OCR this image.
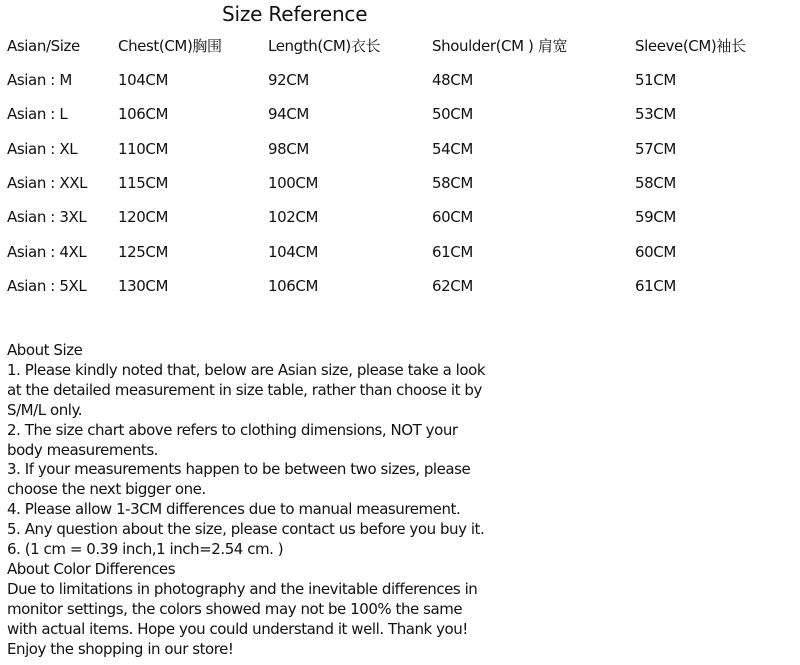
Size Reference
Asian/Size	Chest(CM)胸围	Length(CM)衣长	Shoulder(CM ) 肩宽	Sleeve(CM)袖长
Asian : M	104CM	92CM	48CM	51CM
Asian : L	106CM	94CM	50CM	53CM
Asian : XL	110CM	98CM	54CM	57CM
Asian : XXL 115CM	100CM	58CM	58CM
Asian : 3XL 120CM	102CM	60CM	59CM
Asian : 4XL 125CM	104CM	61CM	60CM
Asian : 5XL 130CM	106CM	62CM	61CM
About Size
1. Please kindly noted that, below are Asian size, please take a look
at the detailed measurement in size table, rather than choose it by
S/M/L only.
2. The size chart above refers to clothing dimensions, NOT your
body measurements.
3. If your measurements happen to be between two sizes, please
choose the next bigger one.
4. Please allow 1-3CM differences due to manual measurement.
5. Any question about the size, please contact us before you buy it.
6. (1 cm = 0.39 inch,1 inch=2.54 cm. )
About Color Differences
Due to limitations in photography and the inevitable differences in
monitor settings, the colors showed may not be 100% the same
with actual items. Hope you could understand it well. Thank you!
Enjoy the shopping in our store!
